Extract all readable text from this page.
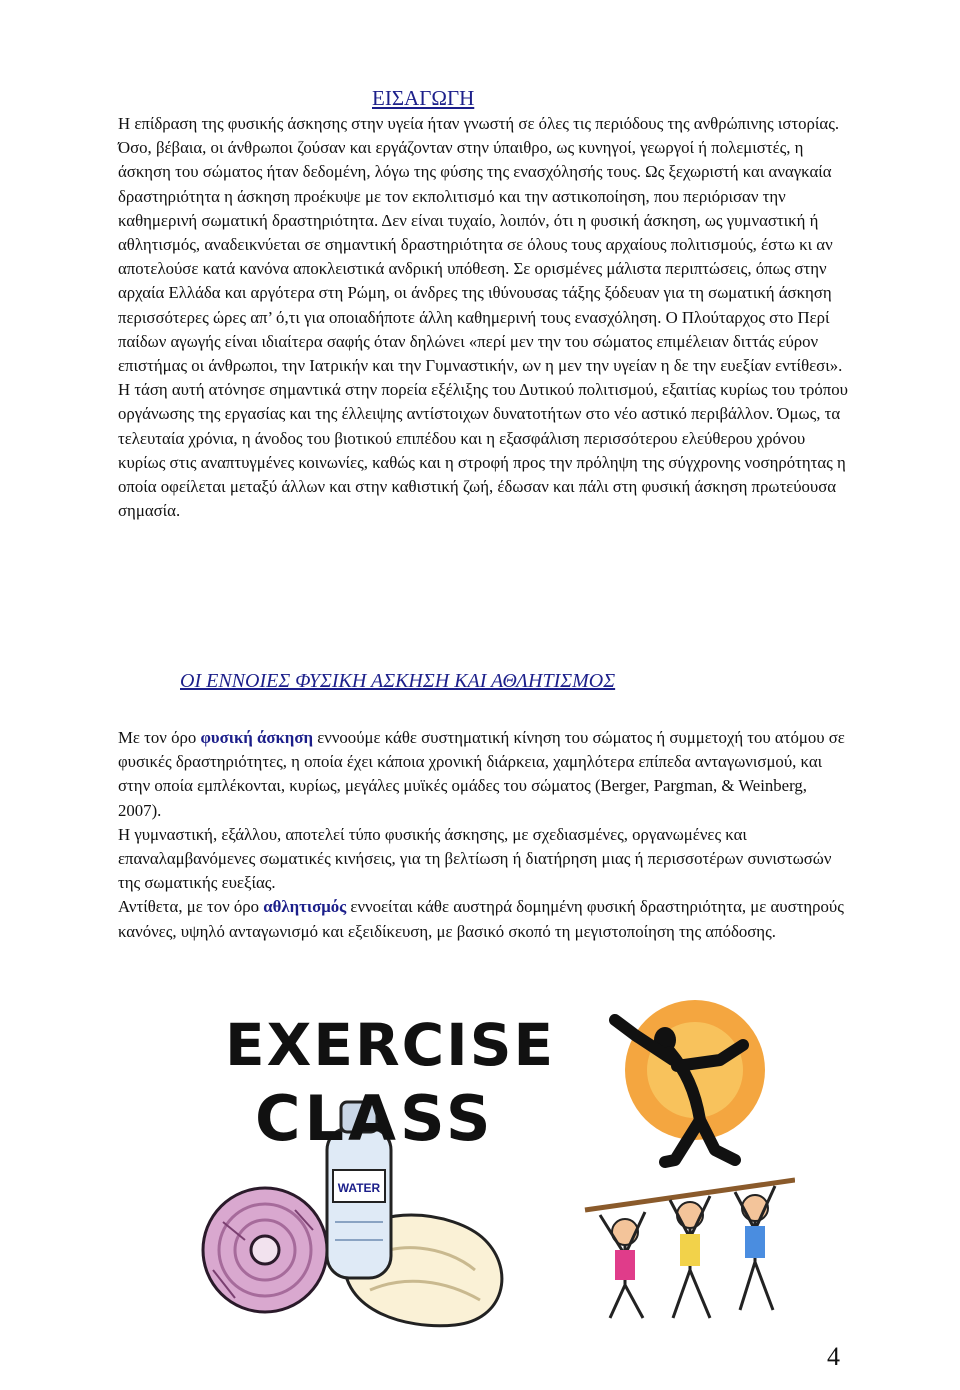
ΕΙΣΑΓΩΓΗ
Η επίδραση της φυσικής άσκησης στην υγεία ήταν γνωστή σε όλες τις περιόδους της ανθρώπινης ιστορίας. Όσο, βέβαια, οι άνθρωποι ζούσαν και εργάζονταν στην ύπαιθρο, ως κυνηγοί, γεωργοί ή πολεμιστές, η άσκηση του σώματος ήταν δεδομένη, λόγω της φύσης της ενασχόλησής τους. Ως ξεχωριστή και αναγκαία δραστηριότητα η άσκηση προέκυψε με τον εκπολιτισμό και την αστικοποίηση, που περιόρισαν την καθημερινή σωματική δραστηριότητα. Δεν είναι τυχαίο, λοιπόν, ότι η φυσική άσκηση, ως γυμναστική ή αθλητισμός, αναδεικνύεται σε σημαντική δραστηριότητα σε όλους τους αρχαίους πολιτισμούς, έστω κι αν αποτελούσε κατά κανόνα αποκλειστικά ανδρική υπόθεση. Σε ορισμένες μάλιστα περιπτώσεις, όπως στην αρχαία Ελλάδα και αργότερα στη Ρώμη, οι άνδρες της ιθύνουσας τάξης ξόδευαν για τη σωματική άσκηση περισσότερες ώρες απ’ ό,τι για οποιαδήποτε άλλη καθημερινή τους ενασχόληση. Ο Πλούταρχος στο Περί παίδων αγωγής είναι ιδιαίτερα σαφής όταν δηλώνει «περί μεν την του σώματος επιμέλειαν διττάς εύρον επιστήμας οι άνθρωποι, την Ιατρικήν και την Γυμναστικήν, ων η μεν την υγείαν η δε την ευεξίαν εντίθεσι».
Η τάση αυτή ατόνησε σημαντικά στην πορεία εξέλιξης του Δυτικού πολιτισμού, εξαιτίας κυρίως του τρόπου οργάνωσης της εργασίας και της έλλειψης αντίστοιχων δυνατοτήτων στο νέο αστικό περιβάλλον. Όμως, τα τελευταία χρόνια, η άνοδος του βιοτικού επιπέδου και η εξασφάλιση περισσότερου ελεύθερου χρόνου κυρίως στις αναπτυγμένες κοινωνίες, καθώς και η στροφή προς την πρόληψη της σύγχρονης νοσηρότητας η οποία οφείλεται μεταξύ άλλων και στην καθιστική ζωή, έδωσαν και πάλι στη φυσική άσκηση πρωτεύουσα σημασία.
ΟΙ ΕΝΝΟΙΕΣ ΦΥΣΙΚΗ ΑΣΚΗΣΗ ΚΑΙ ΑΘΛΗΤΙΣΜΟΣ
Με τον όρο φυσική άσκηση εννοούμε κάθε συστηματική κίνηση του σώματος ή συμμετοχή του ατόμου σε φυσικές δραστηριότητες, η οποία έχει κάποια χρονική διάρκεια, χαμηλότερα επίπεδα ανταγωνισμού, και στην οποία εμπλέκονται, κυρίως, μεγάλες μυϊκές ομάδες του σώματος (Berger, Pargman, & Weinberg, 2007).
Η γυμναστική, εξάλλου, αποτελεί τύπο φυσικής άσκησης, με σχεδιασμένες, οργανωμένες και επαναλαμβανόμενες σωματικές κινήσεις, για τη βελτίωση ή διατήρηση μιας ή περισσοτέρων συνιστωσών της σωματικής ευεξίας.
Αντίθετα, με τον όρο αθλητισμός εννοείται κάθε αυστηρά δομημένη φυσική δραστηριότητα, με αυστηρούς κανόνες, υψηλό ανταγωνισμό και εξειδίκευση, με βασικό σκοπό τη μεγιστοποίηση της απόδοσης.
WATER
EXERCISE
CLASS
4
